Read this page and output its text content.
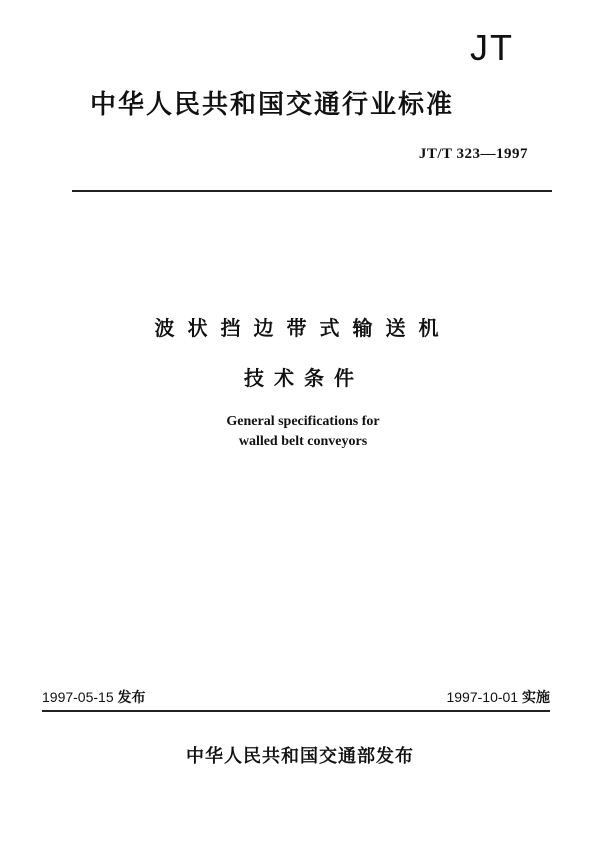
JT
中华人民共和国交通行业标准
JT/T 323—1997
波状挡边带式输送机
技术条件
General specifications for
walled belt conveyors
1997-05-15 发布	1997-10-01 实施
中华人民共和国交通部发布
